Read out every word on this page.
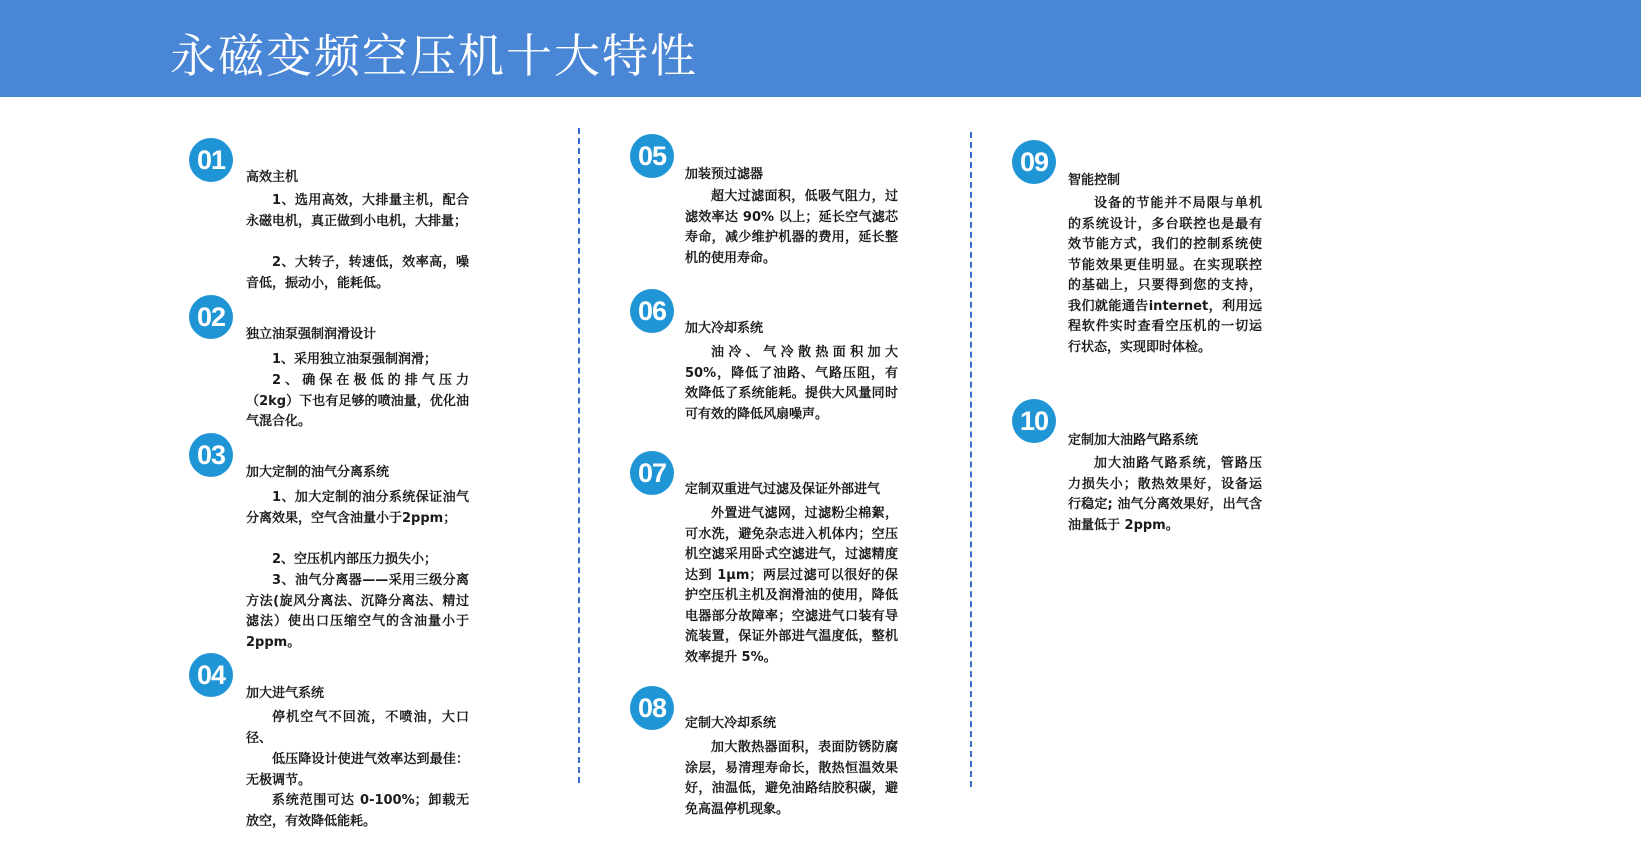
永磁变频空压机十大特性
01
高效主机

1、选用高效，大排量主机，配合永磁电机，真正做到小电机，大排量；

2、大转子，转速低，效率高，噪音低，振动小，能耗低。

02
独立油泵强制润滑设计

1、采用独立油泵强制润滑；

2、确保在极低的排气压力（2kg）下也有足够的喷油量，优化油气混合化。

03
加大定制的油气分离系统

1、加大定制的油分系统保证油气分离效果，空气含油量小于2ppm；

2、空压机内部压力损失小；

3、油气分离器——采用三级分离方法(旋风分离法、沉降分离法、精过滤法）使出口压缩空气的含油量小于 2ppm。

04
加大进气系统

停机空气不回流，不喷油，大口径、

低压降设计使进气效率达到最佳：无极调节。

系统范围可达 0-100%；卸载无放空，有效降低能耗。

05
加装预过滤器

超大过滤面积，低吸气阻力，过滤效率达 90% 以上；延长空气滤芯寿命，减少维护机器的费用，延长整机的使用寿命。

06
加大冷却系统

油冷、气冷散热面积加大50%，降低了油路、气路压阻，有效降低了系统能耗。提供大风量同时可有效的降低风扇噪声。

07
定制双重进气过滤及保证外部进气

外置进气滤网，过滤粉尘棉絮，可水洗，避免杂志进入机体内；空压机空滤采用卧式空滤进气，过滤精度达到 1μm；两层过滤可以很好的保护空压机主机及润滑油的使用，降低电器部分故障率；空滤进气口装有导流装置，保证外部进气温度低，整机效率提升 5%。

08
定制大冷却系统

加大散热器面积，表面防锈防腐涂层，易清理寿命长，散热恒温效果好，油温低，避免油路结胶积碳，避免高温停机现象。

09
智能控制

设备的节能并不局限与单机的系统设计，多台联控也是最有效节能方式，我们的控制系统使节能效果更佳明显。在实现联控的基础上，只要得到您的支持，我们就能通告internet，利用远程软件实时查看空压机的一切运行状态，实现即时体检。

10
定制加大油路气路系统

加大油路气路系统，管路压力损失小；散热效果好，设备运行稳定; 油气分离效果好，出气含油量低于 2ppm。
